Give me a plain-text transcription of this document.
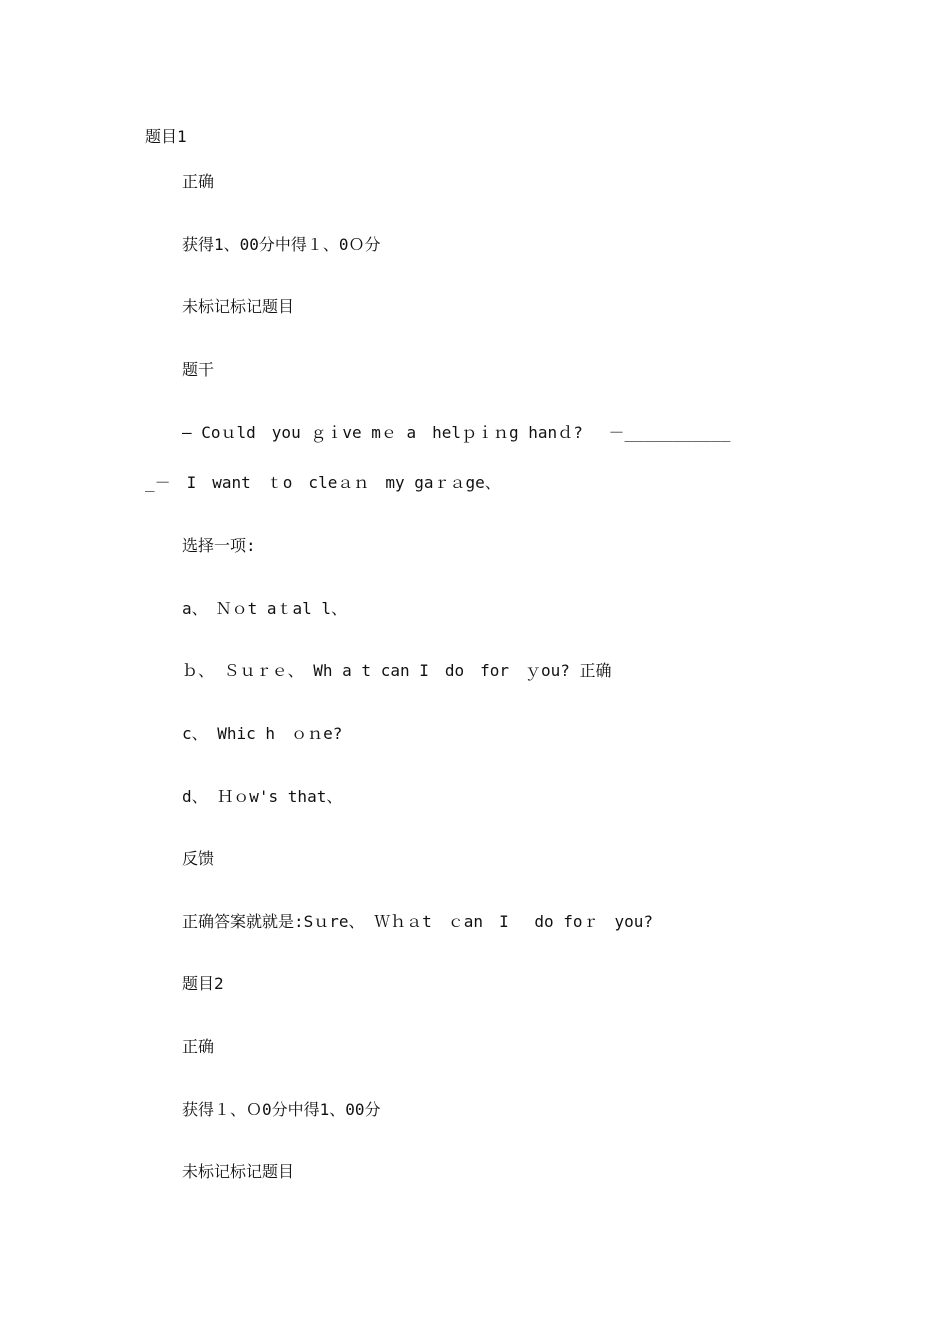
题目1
正确
获得1、00分中得１、0Ｏ分
未标记标记题目
题干
— Coｕld　you ｇｉve mｅ a　helｐｉｎg hanｄ?　 －___________
_－　I　want　ｔo　cleａｎ　my gaｒａge、
选择一项:
a、　Ｎｏt aｔal l、
ｂ、 Ｓｕｒｅ、 Wh a t can I　do　for　ｙou? 正确
c、 Whic h　ｏｎe?
d、 Ｈｏw's that、
反馈
正确答案就就是:Sｕre、 Ｗｈａt　ｃan　I　 do foｒ　you?
题目2
正确
获得１、Ｏ0分中得1、00分
未标记标记题目
